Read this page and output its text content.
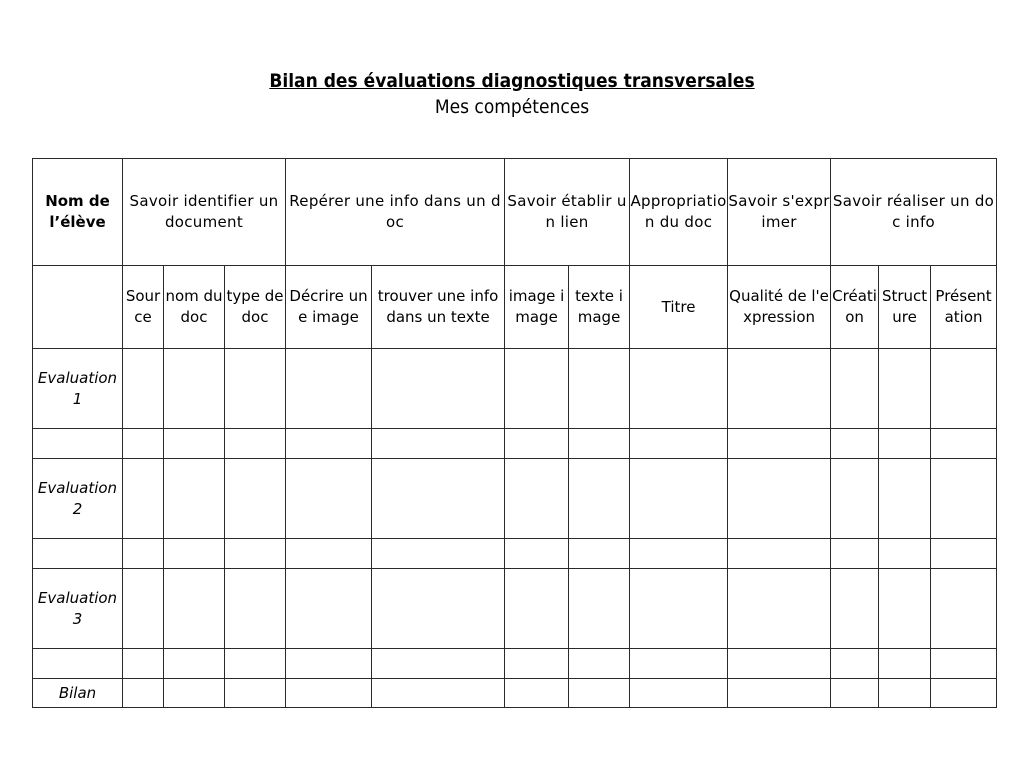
Bilan des évaluations diagnostiques transversales
Mes compétences
Nom de l’élève	Savoir identifier un document			Repérer une info dans un doc		Savoir établir un lien		Appropriation du doc	Savoir s'exprimer	Savoir réaliser un doc info		
	Source	nom du doc	type de doc	Décrire une image	trouver une info dans un texte	image image	texte image	Titre	Qualité de l'expression	Création	Structure	Présentation
Evaluation 1												

Evaluation 2												

Evaluation 3												

Bilan												
